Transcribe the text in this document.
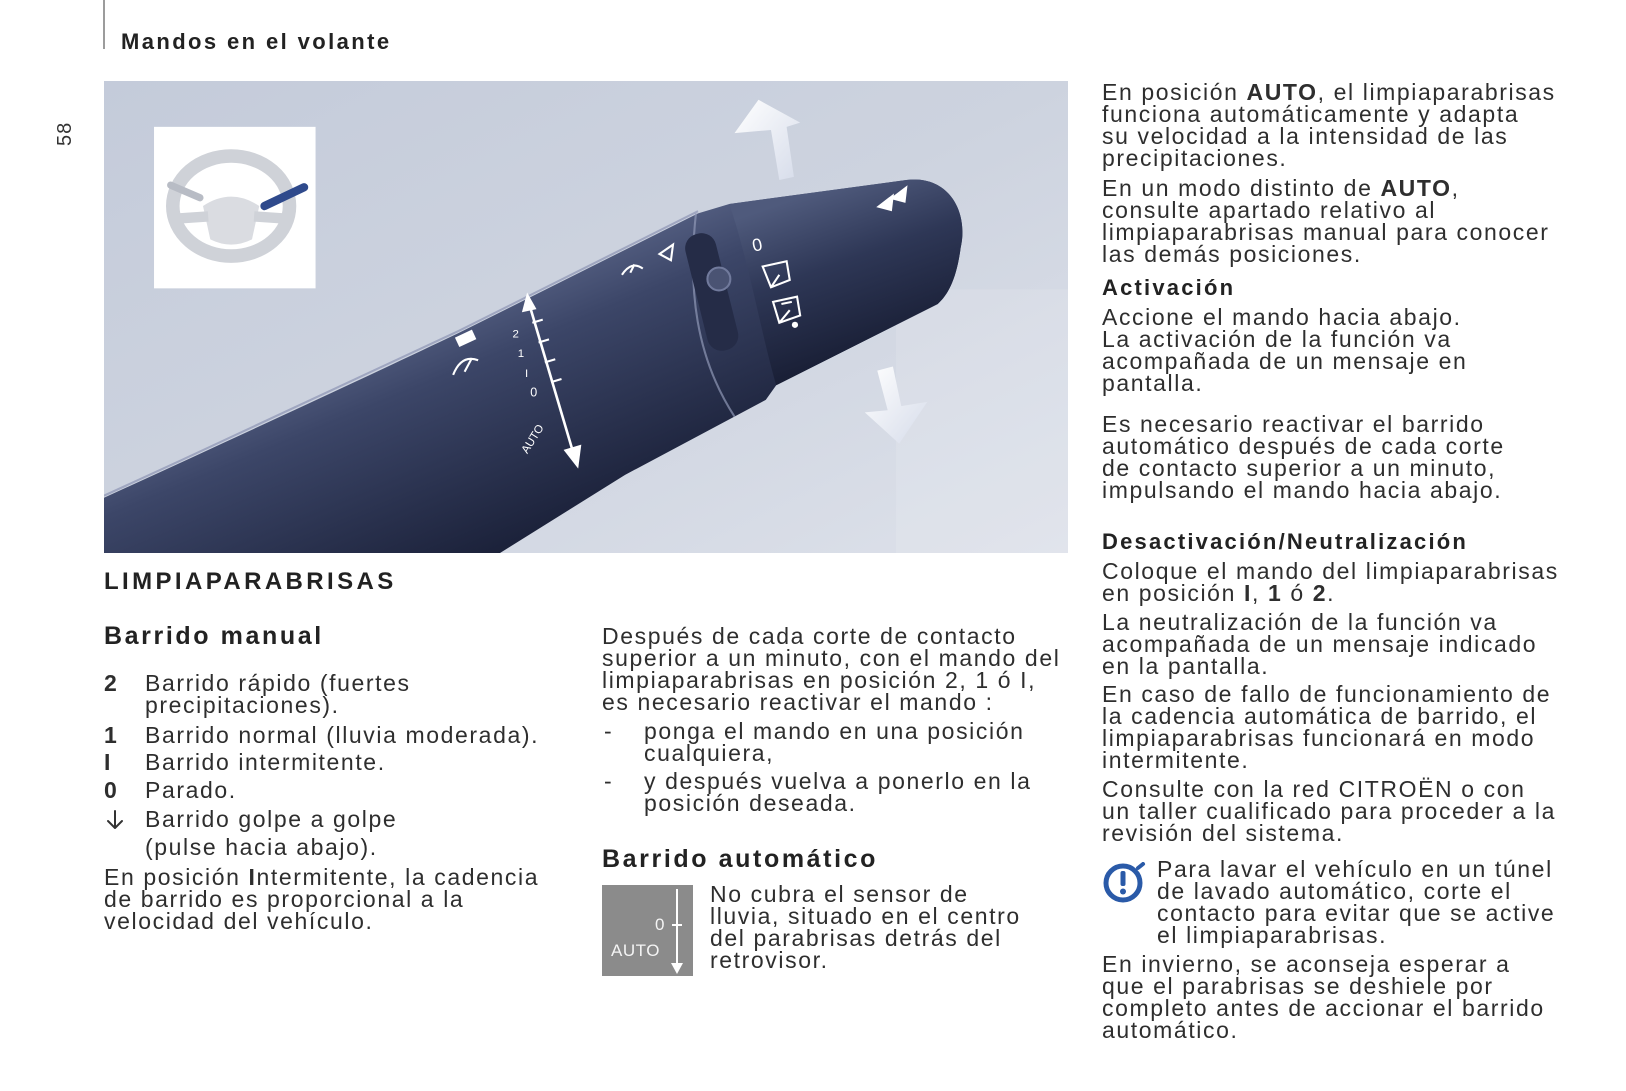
Mandos en el volante
58
0
2
1
I
0
AUTO
LIMPIAPARABRISAS
Barrido manual
2 Barrido rápido (fuertes
precipitaciones).
1 Barrido normal (lluvia moderada).
I Barrido intermitente.
0 Parado.
Barrido golpe a golpe
(pulse hacia abajo).
En posición Intermitente, la cadencia
de barrido es proporcional a la
velocidad del vehículo.
Después de cada corte de contacto
superior a un minuto, con el mando del
limpiaparabrisas en posición 2, 1 ó I,
es necesario reactivar el mando :
- ponga el mando en una posición
cualquiera,
- y después vuelva a ponerlo en la
posición deseada.
Barrido automático
0
AUTO
No cubra el sensor de
lluvia, situado en el centro
del parabrisas detrás del
retrovisor.
En posición AUTO, el limpiaparabrisas
funciona automáticamente y adapta
su velocidad a la intensidad de las
precipitaciones.
En un modo distinto de AUTO,
consulte apartado relativo al
limpiaparabrisas manual para conocer
las demás posiciones.
Activación
Accione el mando hacia abajo.
La activación de la función va
acompañada de un mensaje en
pantalla.
Es necesario reactivar el barrido
automático después de cada corte
de contacto superior a un minuto,
impulsando el mando hacia abajo.
Desactivación/Neutralización
Coloque el mando del limpiaparabrisas
en posición I, 1 ó 2.
La neutralización de la función va
acompañada de un mensaje indicado
en la pantalla.
En caso de fallo de funcionamiento de
la cadencia automática de barrido, el
limpiaparabrisas funcionará en modo
intermitente.
Consulte con la red CITROËN o con
un taller cualificado para proceder a la
revisión del sistema.
Para lavar el vehículo en un túnel
de lavado automático, corte el
contacto para evitar que se active
el limpiaparabrisas.
En invierno, se aconseja esperar a
que el parabrisas se deshiele por
completo antes de accionar el barrido
automático.
